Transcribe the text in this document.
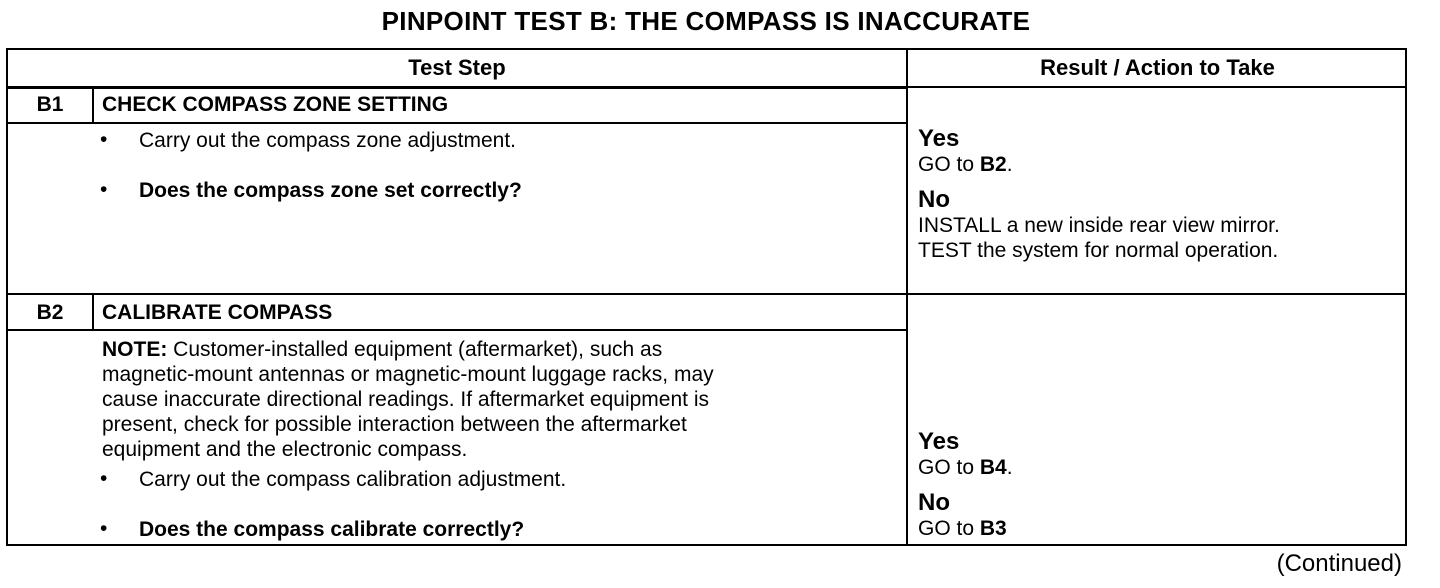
PINPOINT TEST B: THE COMPASS IS INACCURATE
Test Step	Result / Action to Take
B1	CHECK COMPASS ZONE SETTING
• Carry out the compass zone adjustment.
• Does the compass zone set correctly?
Yes
GO to B2.
No
INSTALL a new inside rear view mirror.
TEST the system for normal operation.
B2	CALIBRATE COMPASS
NOTE: Customer-installed equipment (aftermarket), such as
magnetic-mount antennas or magnetic-mount luggage racks, may
cause inaccurate directional readings. If aftermarket equipment is
present, check for possible interaction between the aftermarket
equipment and the electronic compass.
• Carry out the compass calibration adjustment.
• Does the compass calibrate correctly?
Yes
GO to B4.
No
GO to B3
(Continued)
